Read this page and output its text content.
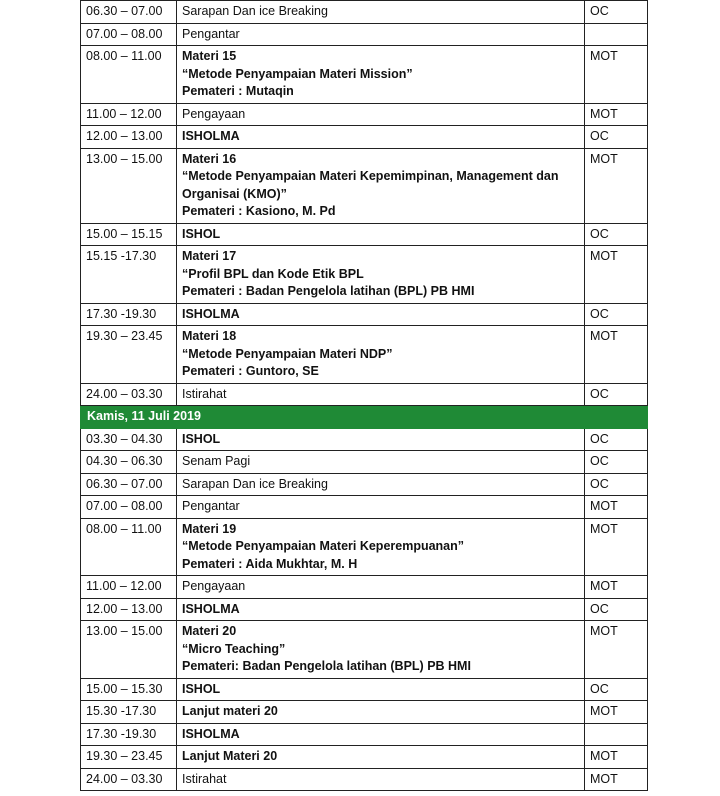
06.30 – 07.00	Sarapan Dan ice Breaking	OC
07.00 – 08.00	Pengantar	

08.00 – 11.00	Materi 15
“Metode Penyampaian Materi Mission”
Pemateri : Mutaqin	MOT
11.00 – 12.00	Pengayaan	MOT
12.00 – 13.00	ISHOLMA	OC
13.00 – 15.00	Materi 16
“Metode Penyampaian Materi Kepemimpinan, Management dan Organisai (KMO)”
Pemateri : Kasiono, M. Pd	MOT
15.00 – 15.15	ISHOL	OC
15.15 -17.30	Materi 17
“Profil BPL dan Kode Etik BPL
Pemateri : Badan Pengelola latihan (BPL) PB HMI	MOT
17.30 -19.30	ISHOLMA	OC
19.30 – 23.45	Materi 18
“Metode Penyampaian Materi NDP”
Pemateri : Guntoro, SE	MOT
24.00 – 03.30	Istirahat	OC
Kamis, 11 Juli 2019		
03.30 – 04.30	ISHOL	OC
04.30 – 06.30	Senam Pagi	OC
06.30 – 07.00	Sarapan Dan ice Breaking	OC
07.00 – 08.00	Pengantar	MOT
08.00 – 11.00	Materi 19
“Metode Penyampaian Materi Keperempuanan”
Pemateri : Aida Mukhtar, M. H	MOT
11.00 – 12.00	Pengayaan	MOT
12.00 – 13.00	ISHOLMA	OC
13.00 – 15.00	Materi 20
“Micro Teaching”
Pemateri: Badan Pengelola latihan (BPL) PB HMI	MOT
15.00 – 15.30	ISHOL	OC
15.30 -17.30	Lanjut materi 20	MOT
17.30 -19.30	ISHOLMA	

19.30 – 23.45	Lanjut Materi 20	MOT
24.00 – 03.30	Istirahat	MOT
